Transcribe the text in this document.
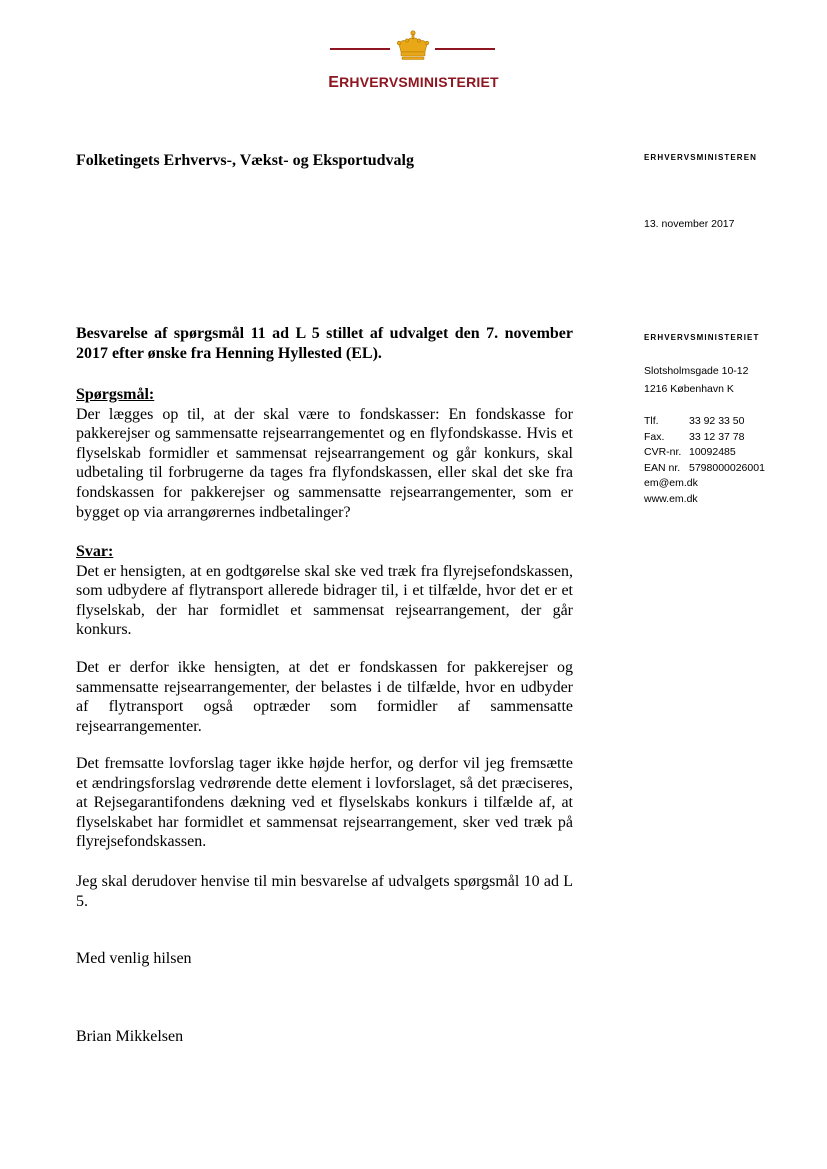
ERHVERVSMINISTERIET
Folketingets Erhvervs-, Vækst- og Eksportudvalg	ERHVERVSMINISTEREN
13. november 2017
ERHVERVSMINISTERIET
Slotsholmsgade 10-12
1216 København K
Tlf.	33 92 33 50
Fax.	33 12 37 78
CVR-nr.	10092485
EAN nr.	5798000026001
em@em.dk	
www.em.dk	
Besvarelse af spørgsmål 11 ad L 5 stillet af udvalget den 7. november 2017 efter ønske fra Henning Hyllested (EL).
Spørgsmål:
Der lægges op til, at der skal være to fondskasser: En fondskasse for pakkerejser og sammensatte rejsearrangementet og en flyfondskasse. Hvis et flyselskab formidler et sammensat rejsearrangement og går konkurs, skal udbetaling til forbrugerne da tages fra flyfondskassen, eller skal det ske fra fondskassen for pakkerejser og sammensatte rejsearrangementer, som er bygget op via arrangørernes indbetalinger?
Svar:
Det er hensigten, at en godtgørelse skal ske ved træk fra flyrejsefondskassen, som udbydere af flytransport allerede bidrager til, i et tilfælde, hvor det er et flyselskab, der har formidlet et sammensat rejsearrangement, der går konkurs.
Det er derfor ikke hensigten, at det er fondskassen for pakkerejser og sammensatte rejsearrangementer, der belastes i de tilfælde, hvor en udbyder af flytransport også optræder som formidler af sammensatte rejsearrangementer.
Det fremsatte lovforslag tager ikke højde herfor, og derfor vil jeg fremsætte et ændringsforslag vedrørende dette element i lovforslaget, så det præciseres, at Rejsegarantifondens dækning ved et flyselskabs konkurs i tilfælde af, at flyselskabet har formidlet et sammensat rejsearrangement, sker ved træk på flyrejsefondskassen.
Jeg skal derudover henvise til min besvarelse af udvalgets spørgsmål 10 ad L 5.
Med venlig hilsen
Brian Mikkelsen
